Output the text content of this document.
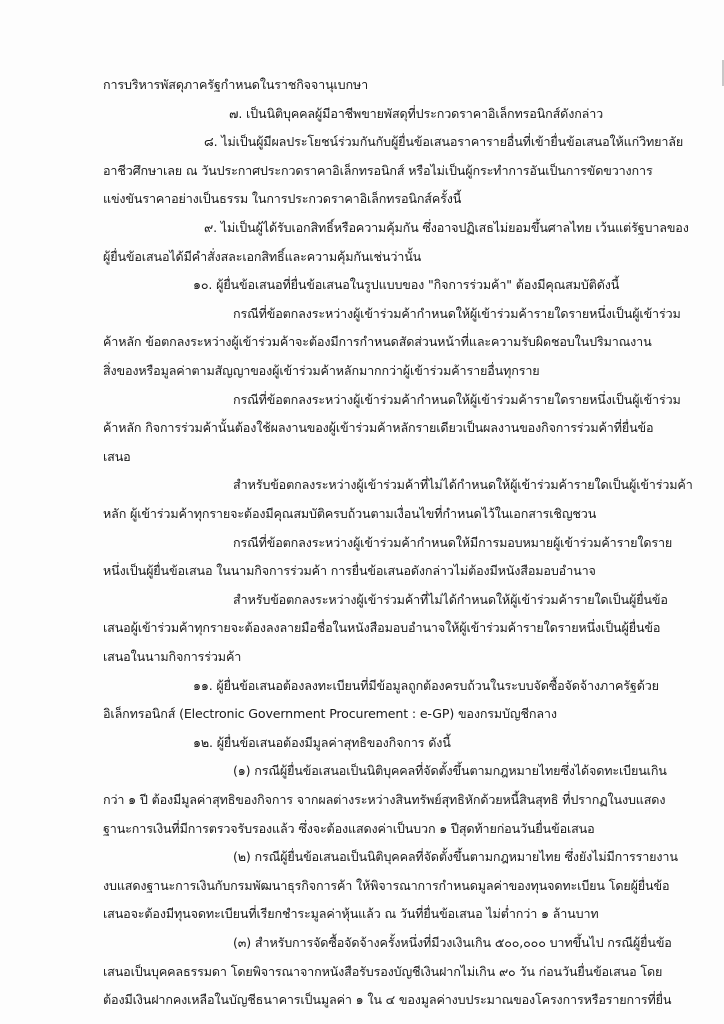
การบริหารพัสดุภาครัฐกำหนดในราชกิจจานุเบกษา
๗. เป็นนิติบุคคลผู้มีอาชีพขายพัสดุที่ประกวดราคาอิเล็กทรอนิกส์ดังกล่าว
๘. ไม่เป็นผู้มีผลประโยชน์ร่วมกันกับผู้ยื่นข้อเสนอราคารายอื่นที่เข้ายื่นข้อเสนอให้แก่วิทยาลัย
อาชีวศึกษาเลย ณ วันประกาศประกวดราคาอิเล็กทรอนิกส์ หรือไม่เป็นผู้กระทำการอันเป็นการขัดขวางการ
แข่งขันราคาอย่างเป็นธรรม ในการประกวดราคาอิเล็กทรอนิกส์ครั้งนี้
๙. ไม่เป็นผู้ได้รับเอกสิทธิ์หรือความคุ้มกัน ซึ่งอาจปฏิเสธไม่ยอมขึ้นศาลไทย เว้นแต่รัฐบาลของ
ผู้ยื่นข้อเสนอได้มีคำสั่งสละเอกสิทธิ์และความคุ้มกันเช่นว่านั้น
๑๐. ผู้ยื่นข้อเสนอที่ยื่นข้อเสนอในรูปแบบของ "กิจการร่วมค้า" ต้องมีคุณสมบัติดังนี้
กรณีที่ข้อตกลงระหว่างผู้เข้าร่วมค้ากำหนดให้ผู้เข้าร่วมค้ารายใดรายหนึ่งเป็นผู้เข้าร่วม
ค้าหลัก ข้อตกลงระหว่างผู้เข้าร่วมค้าจะต้องมีการกำหนดสัดส่วนหน้าที่และความรับผิดชอบในปริมาณงาน
สิ่งของหรือมูลค่าตามสัญญาของผู้เข้าร่วมค้าหลักมากกว่าผู้เข้าร่วมค้ารายอื่นทุกราย
กรณีที่ข้อตกลงระหว่างผู้เข้าร่วมค้ากำหนดให้ผู้เข้าร่วมค้ารายใดรายหนึ่งเป็นผู้เข้าร่วม
ค้าหลัก กิจการร่วมค้านั้นต้องใช้ผลงานของผู้เข้าร่วมค้าหลักรายเดียวเป็นผลงานของกิจการร่วมค้าที่ยื่นข้อ
เสนอ
สำหรับข้อตกลงระหว่างผู้เข้าร่วมค้าที่ไม่ได้กำหนดให้ผู้เข้าร่วมค้ารายใดเป็นผู้เข้าร่วมค้า
หลัก ผู้เข้าร่วมค้าทุกรายจะต้องมีคุณสมบัติครบถ้วนตามเงื่อนไขที่กำหนดไว้ในเอกสารเชิญชวน
กรณีที่ข้อตกลงระหว่างผู้เข้าร่วมค้ากำหนดให้มีการมอบหมายผู้เข้าร่วมค้ารายใดราย
หนึ่งเป็นผู้ยื่นข้อเสนอ ในนามกิจการร่วมค้า การยื่นข้อเสนอดังกล่าวไม่ต้องมีหนังสือมอบอำนาจ
สำหรับข้อตกลงระหว่างผู้เข้าร่วมค้าที่ไม่ได้กำหนดให้ผู้เข้าร่วมค้ารายใดเป็นผู้ยื่นข้อ
เสนอผู้เข้าร่วมค้าทุกรายจะต้องลงลายมือชื่อในหนังสือมอบอำนาจให้ผู้เข้าร่วมค้ารายใดรายหนึ่งเป็นผู้ยื่นข้อ
เสนอในนามกิจการร่วมค้า
๑๑. ผู้ยื่นข้อเสนอต้องลงทะเบียนที่มีข้อมูลถูกต้องครบถ้วนในระบบจัดซื้อจัดจ้างภาครัฐด้วย
อิเล็กทรอนิกส์ (Electronic Government Procurement : e-GP) ของกรมบัญชีกลาง
๑๒. ผู้ยื่นข้อเสนอต้องมีมูลค่าสุทธิของกิจการ ดังนี้
(๑) กรณีผู้ยื่นข้อเสนอเป็นนิติบุคคลที่จัดตั้งขึ้นตามกฎหมายไทยซึ่งได้จดทะเบียนเกิน
กว่า ๑ ปี ต้องมีมูลค่าสุทธิของกิจการ จากผลต่างระหว่างสินทรัพย์สุทธิหักด้วยหนี้สินสุทธิ ที่ปรากฏในงบแสดง
ฐานะการเงินที่มีการตรวจรับรองแล้ว ซึ่งจะต้องแสดงค่าเป็นบวก ๑ ปีสุดท้ายก่อนวันยื่นข้อเสนอ
(๒) กรณีผู้ยื่นข้อเสนอเป็นนิติบุคคลที่จัดตั้งขึ้นตามกฎหมายไทย ซึ่งยังไม่มีการรายงาน
งบแสดงฐานะการเงินกับกรมพัฒนาธุรกิจการค้า ให้พิจารณาการกำหนดมูลค่าของทุนจดทะเบียน โดยผู้ยื่นข้อ
เสนอจะต้องมีทุนจดทะเบียนที่เรียกชำระมูลค่าหุ้นแล้ว ณ วันที่ยื่นข้อเสนอ ไม่ต่ำกว่า ๑ ล้านบาท
(๓) สำหรับการจัดซื้อจัดจ้างครั้งหนึ่งที่มีวงเงินเกิน ๕๐๐,๐๐๐ บาทขึ้นไป กรณีผู้ยื่นข้อ
เสนอเป็นบุคคลธรรมดา โดยพิจารณาจากหนังสือรับรองบัญชีเงินฝากไม่เกิน ๙๐ วัน ก่อนวันยื่นข้อเสนอ โดย
ต้องมีเงินฝากคงเหลือในบัญชีธนาคารเป็นมูลค่า ๑ ใน ๔ ของมูลค่างบประมาณของโครงการหรือรายการที่ยื่น
